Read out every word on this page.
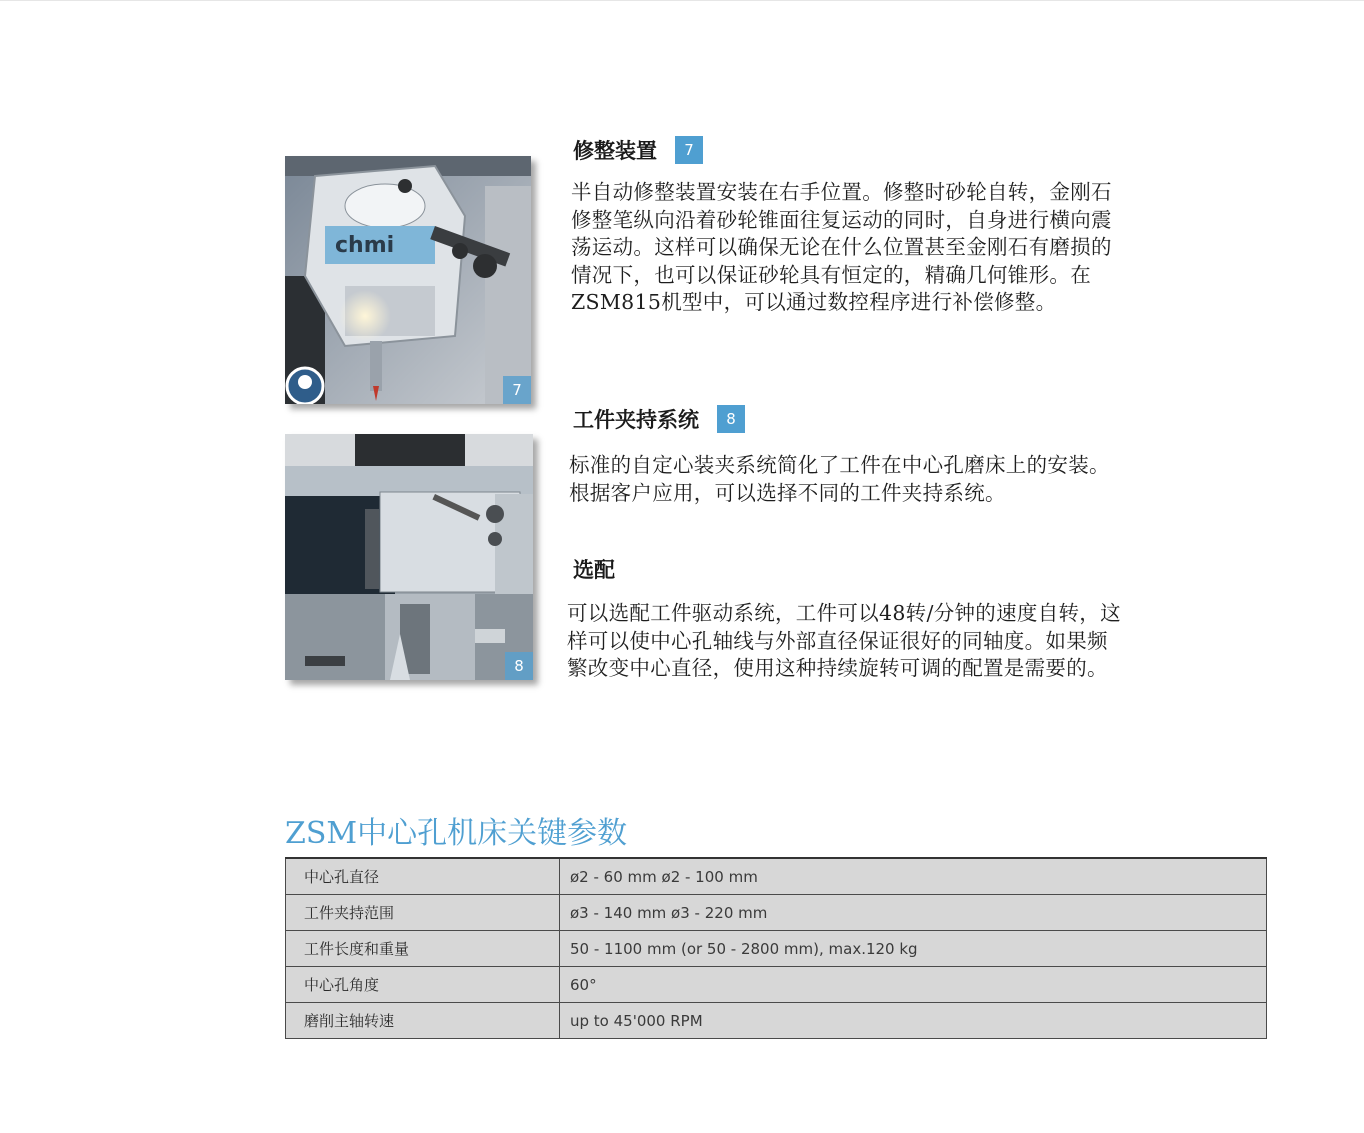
chmi
7
8
修整装置	7
半自动修整装置安装在右手位置。修整时砂轮自转，金刚石修整笔纵向沿着砂轮锥面往复运动的同时，自身进行横向震荡运动。这样可以确保无论在什么位置甚至金刚石有磨损的情况下，也可以保证砂轮具有恒定的，精确几何锥形。在ZSM815机型中，可以通过数控程序进行补偿修整。
工件夹持系统	8
标准的自定心装夹系统简化了工件在中心孔磨床上的安装。根据客户应用，可以选择不同的工件夹持系统。
选配
可以选配工件驱动系统，工件可以48转/分钟的速度自转，这样可以使中心孔轴线与外部直径保证很好的同轴度。如果频繁改变中心直径，使用这种持续旋转可调的配置是需要的。
ZSM中心孔机床关键参数
中心孔直径	ø2 - 60 mm ø2 - 100 mm
工件夹持范围	ø3 - 140 mm ø3 - 220 mm
工件长度和重量	50 - 1100 mm (or 50 - 2800 mm), max.120 kg
中心孔角度	60°
磨削主轴转速	up to 45'000 RPM
